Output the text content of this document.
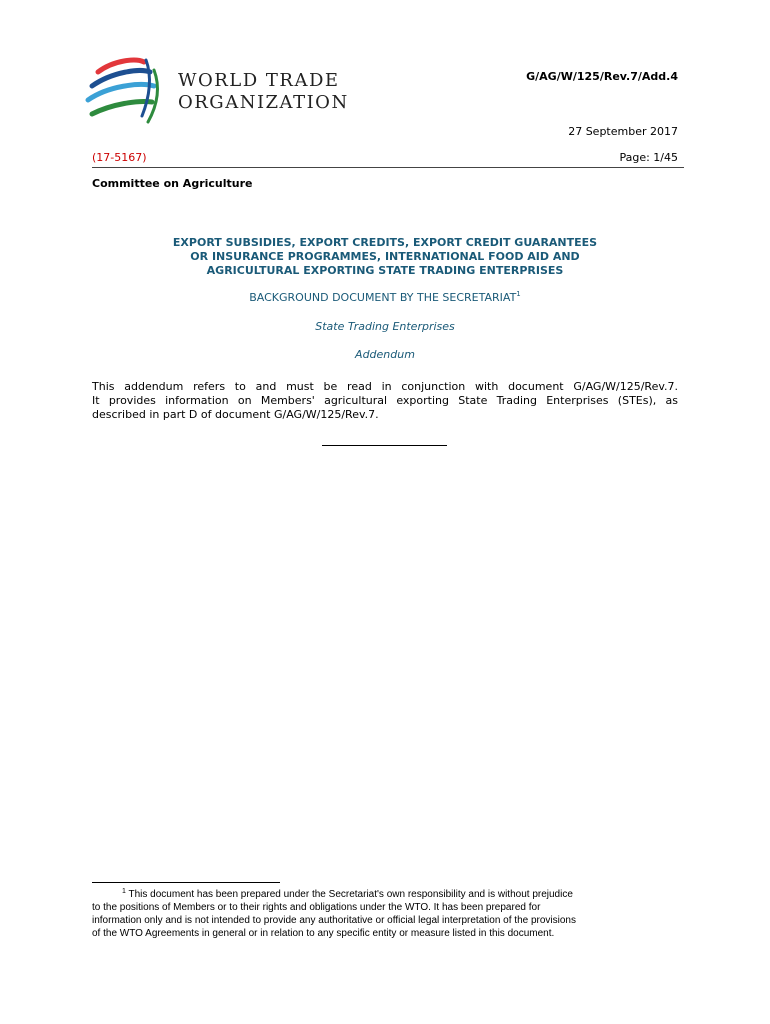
WORLD TRADE
ORGANIZATION
G/AG/W/125/Rev.7/Add.4
27 September 2017
(17-5167)	Page: 1/45
Committee on Agriculture
EXPORT SUBSIDIES, EXPORT CREDITS, EXPORT CREDIT GUARANTEES
OR INSURANCE PROGRAMMES, INTERNATIONAL FOOD AID AND
AGRICULTURAL EXPORTING STATE TRADING ENTERPRISES
BACKGROUND DOCUMENT BY THE SECRETARIAT$^1$
State Trading Enterprises
Addendum
This addendum refers to and must be read in conjunction with document G/AG/W/125/Rev.7.
It provides information on Members' agricultural exporting State Trading Enterprises (STEs), as
described in part D of document G/AG/W/125/Rev.7.
$^1$ This document has been prepared under the Secretariat's own responsibility and is without prejudice
to the positions of Members or to their rights and obligations under the WTO. It has been prepared for
information only and is not intended to provide any authoritative or official legal interpretation of the provisions
of the WTO Agreements in general or in relation to any specific entity or measure listed in this document.
